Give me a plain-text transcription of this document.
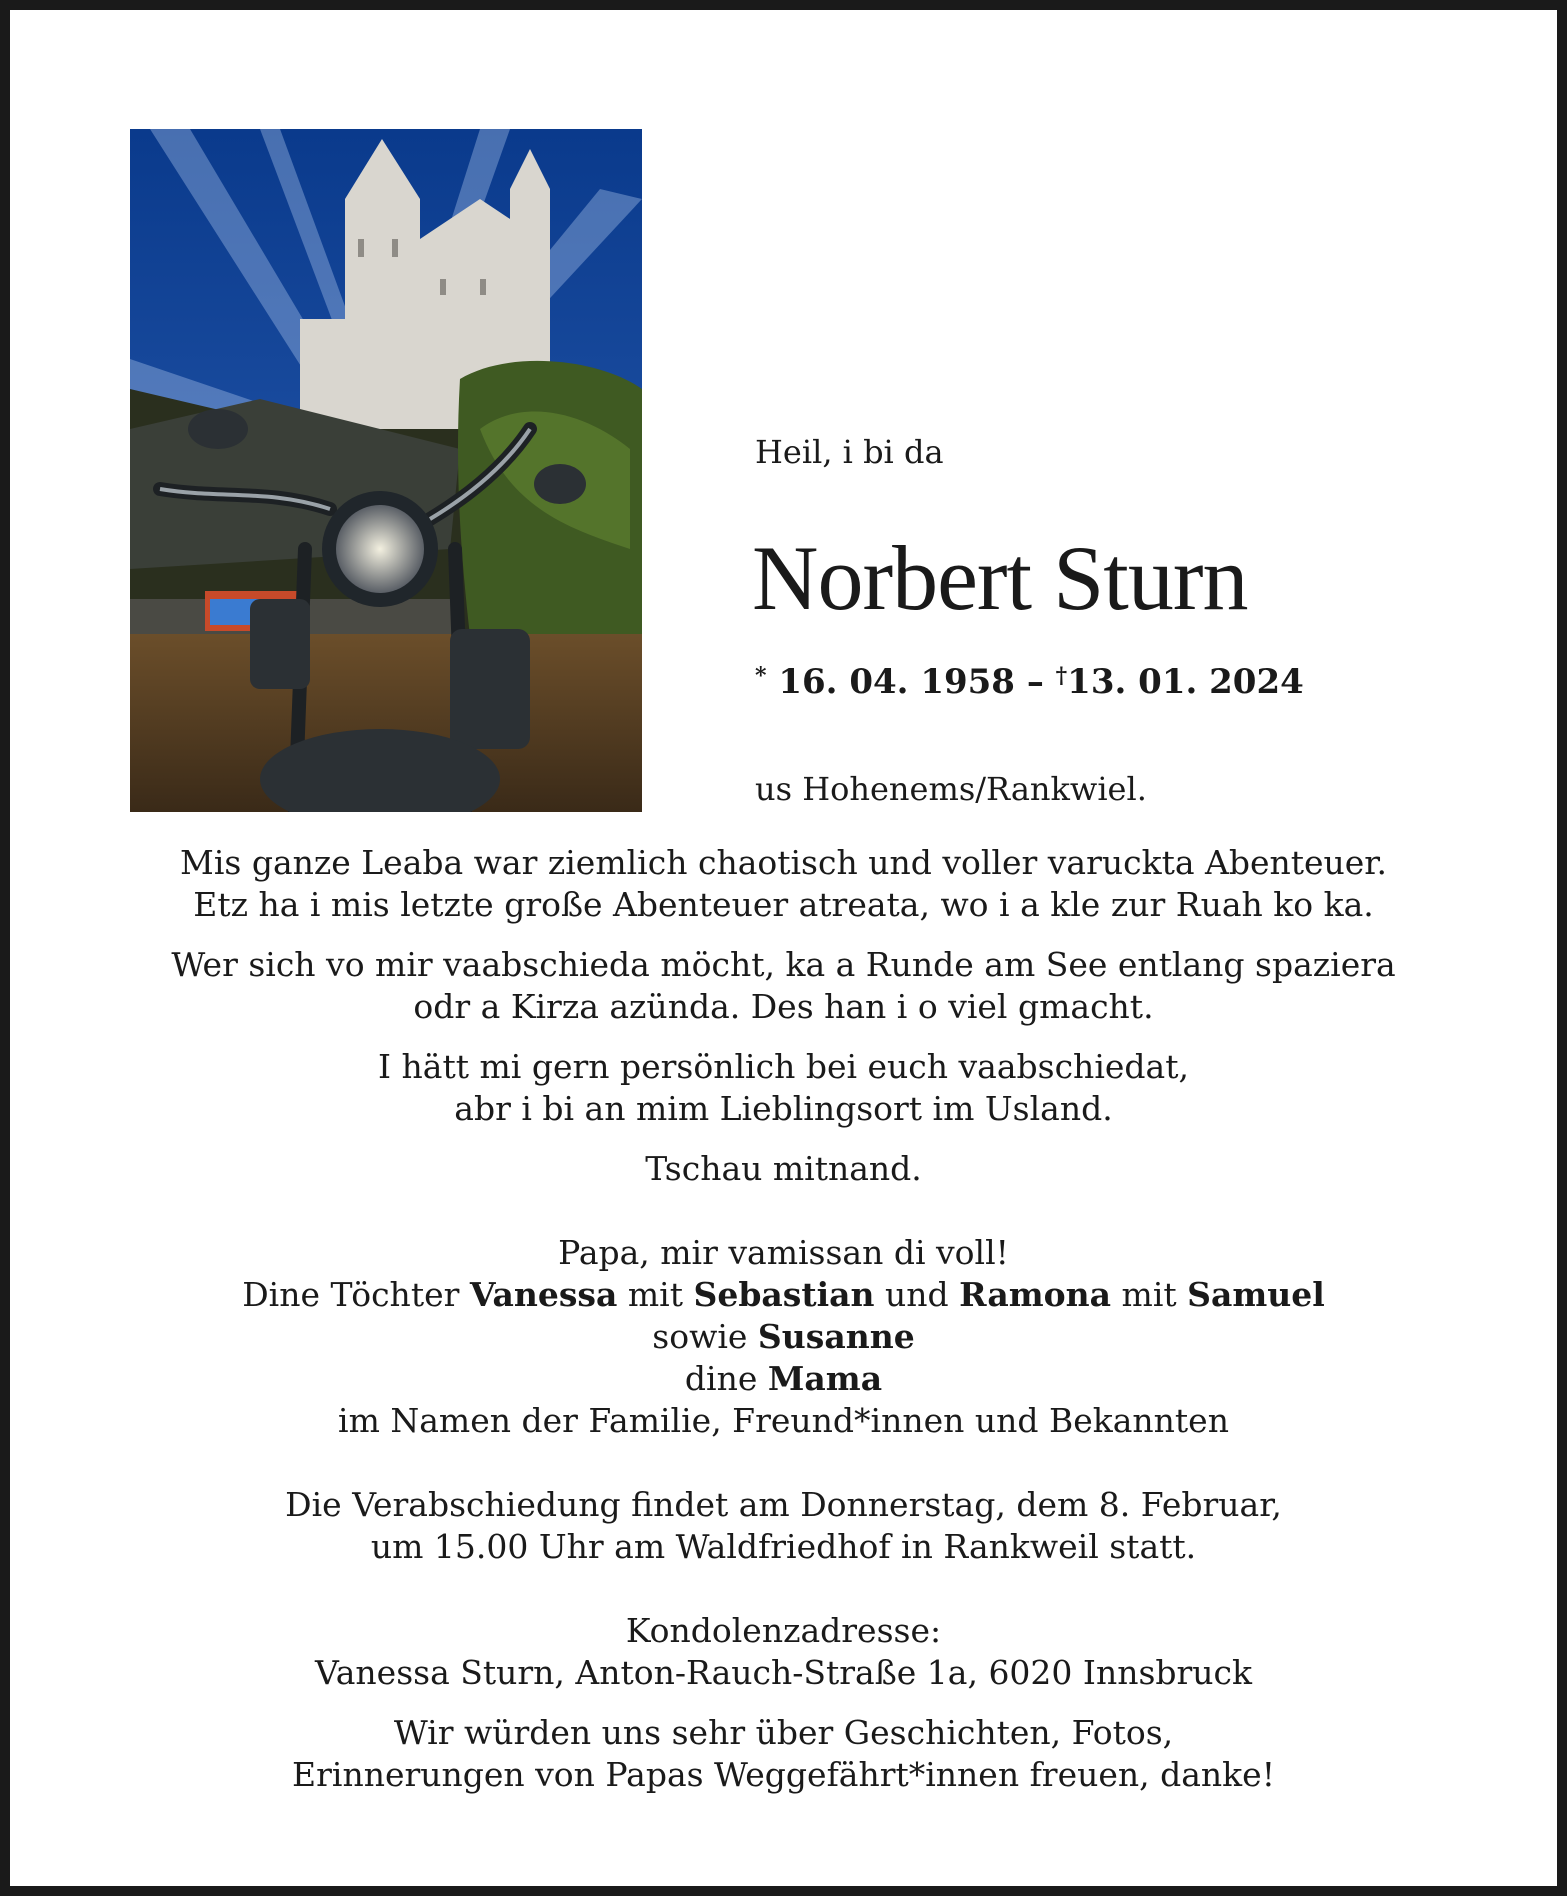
Heil, i bi da
Norbert Sturn
* 16. 04. 1958 – †13. 01. 2024
us Hohenems/Rankwiel.

Mis ganze Leaba war ziemlich chaotisch und voller varuckta Abenteuer.

Etz ha i mis letzte große Abenteuer atreata, wo i a kle zur Ruah ko ka.

Wer sich vo mir vaabschieda möcht, ka a Runde am See entlang spaziera

odr a Kirza azünda. Des han i o viel gmacht.

I hätt mi gern persönlich bei euch vaabschiedat,

abr i bi an mim Lieblingsort im Usland.

Tschau mitnand.

Papa, mir vamissan di voll!

Dine Töchter Vanessa mit Sebastian und Ramona mit Samuel

sowie Susanne

dine Mama

im Namen der Familie, Freund*innen und Bekannten

Die Verabschiedung findet am Donnerstag, dem 8. Februar,

um 15.00 Uhr am Waldfriedhof in Rankweil statt.

Kondolenzadresse:

Vanessa Sturn, Anton-Rauch-Straße 1a, 6020 Innsbruck

Wir würden uns sehr über Geschichten, Fotos,

Erinnerungen von Papas Weggefährt*innen freuen, danke!
